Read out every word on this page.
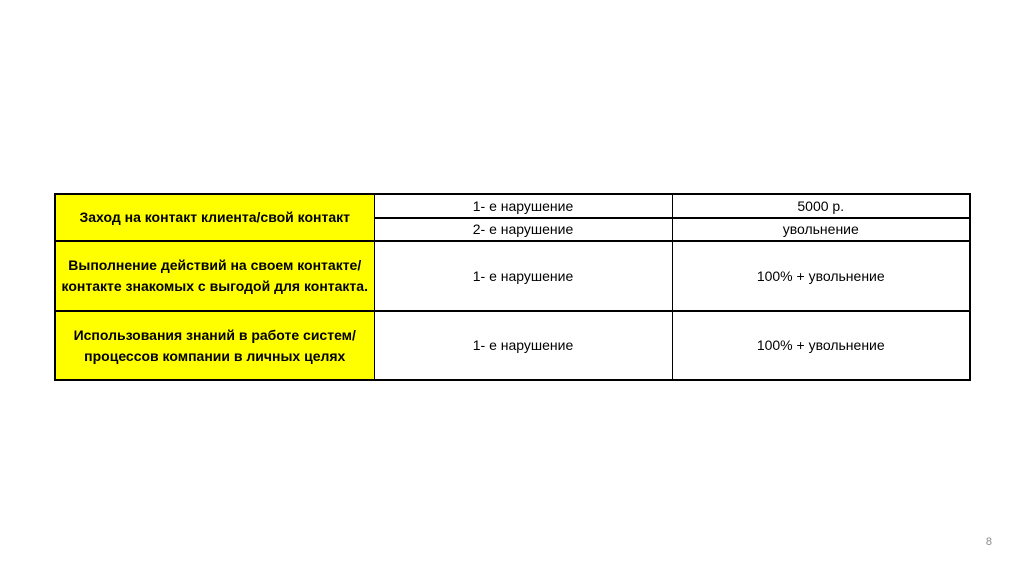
Заход на контакт клиента/свой контакт	1- е нарушение	5000 р.
	2- е нарушение	увольнение
Выполнение действий на своем контакте/контакте знакомых с выгодой для контакта.	1- е нарушение	100% + увольнение
Использования знаний в работе систем/процессов компании в личных целях	1- е нарушение	100% + увольнение
8
